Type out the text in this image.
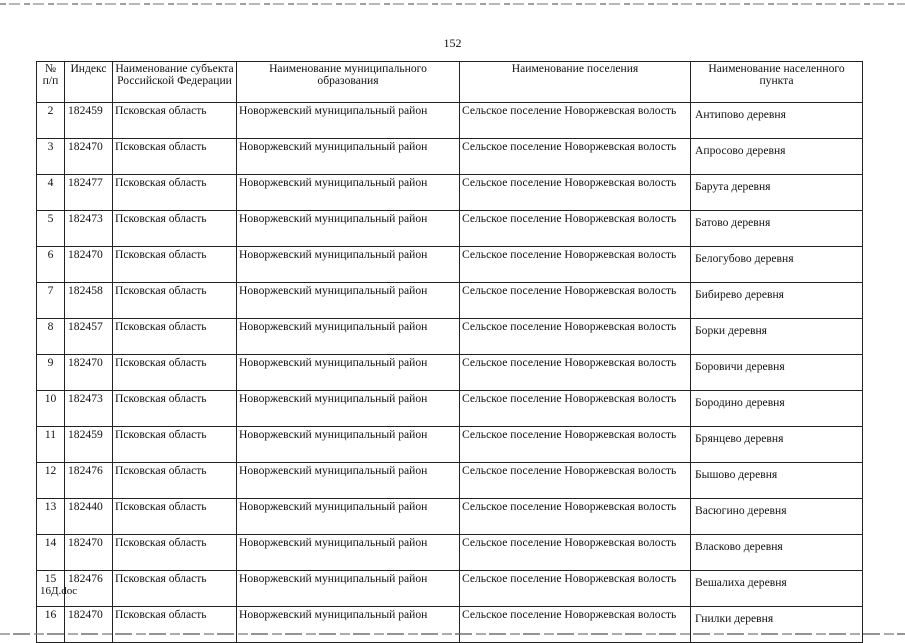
152
№ п/п	Индекс	Наименование субъекта Российской Федерации	Наименование муниципального образования	Наименование поселения	Наименование населенного пункта
2	182459	Псковская область	Новоржевский муниципальный район	Сельское поселение Новоржевская волость	Антипово деревня
3	182470	Псковская область	Новоржевский муниципальный район	Сельское поселение Новоржевская волость	Апросово деревня
4	182477	Псковская область	Новоржевский муниципальный район	Сельское поселение Новоржевская волость	Барута деревня
5	182473	Псковская область	Новоржевский муниципальный район	Сельское поселение Новоржевская волость	Батово деревня
6	182470	Псковская область	Новоржевский муниципальный район	Сельское поселение Новоржевская волость	Белогубово деревня
7	182458	Псковская область	Новоржевский муниципальный район	Сельское поселение Новоржевская волость	Бибирево деревня
8	182457	Псковская область	Новоржевский муниципальный район	Сельское поселение Новоржевская волость	Борки деревня
9	182470	Псковская область	Новоржевский муниципальный район	Сельское поселение Новоржевская волость	Боровичи деревня
10	182473	Псковская область	Новоржевский муниципальный район	Сельское поселение Новоржевская волость	Бородино деревня
11	182459	Псковская область	Новоржевский муниципальный район	Сельское поселение Новоржевская волость	Брянцево деревня
12	182476	Псковская область	Новоржевский муниципальный район	Сельское поселение Новоржевская волость	Бышово деревня
13	182440	Псковская область	Новоржевский муниципальный район	Сельское поселение Новоржевская волость	Васюгино деревня
14	182470	Псковская область	Новоржевский муниципальный район	Сельское поселение Новоржевская волость	Власково деревня
15	182476	Псковская область	Новоржевский муниципальный район	Сельское поселение Новоржевская волость	Вешалиха деревня
16	182470	Псковская область	Новоржевский муниципальный район	Сельское поселение Новоржевская волость	Гнилки деревня
16Д.doc
